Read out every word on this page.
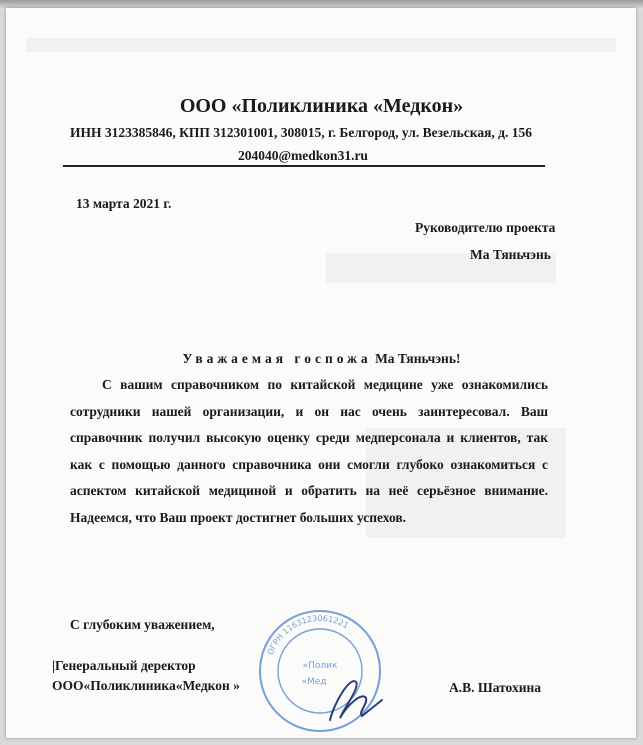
ООО «Поликлиника «Медкон»
ИНН 3123385846, КПП 312301001, 308015, г. Белгород, ул. Везельская, д. 156
204040@medkon31.ru
13 марта 2021 г.
Руководителю проекта
Ма Тяньчэнь
Уважаемая госпожа Ма Тяньчэнь!

С вашим справочником по китайской медицине уже ознакомились сотрудники нашей организации, и он нас очень заинтересовал. Ваш справочник получил высокую оценку среди медперсонала и клиентов, так как с помощью данного справочника они смогли глубоко ознакомиться с аспектом китайской медициной и обратить на неё серьёзное внимание. Надеемся, что Ваш проект достигнет больших успехов.

С глубоким уважением,
|Генеральный деректор
ООО«Поликлиника«Медкон »	А.В. Шатохина
ОГРН 1163123061221
«Полик
«Мед
